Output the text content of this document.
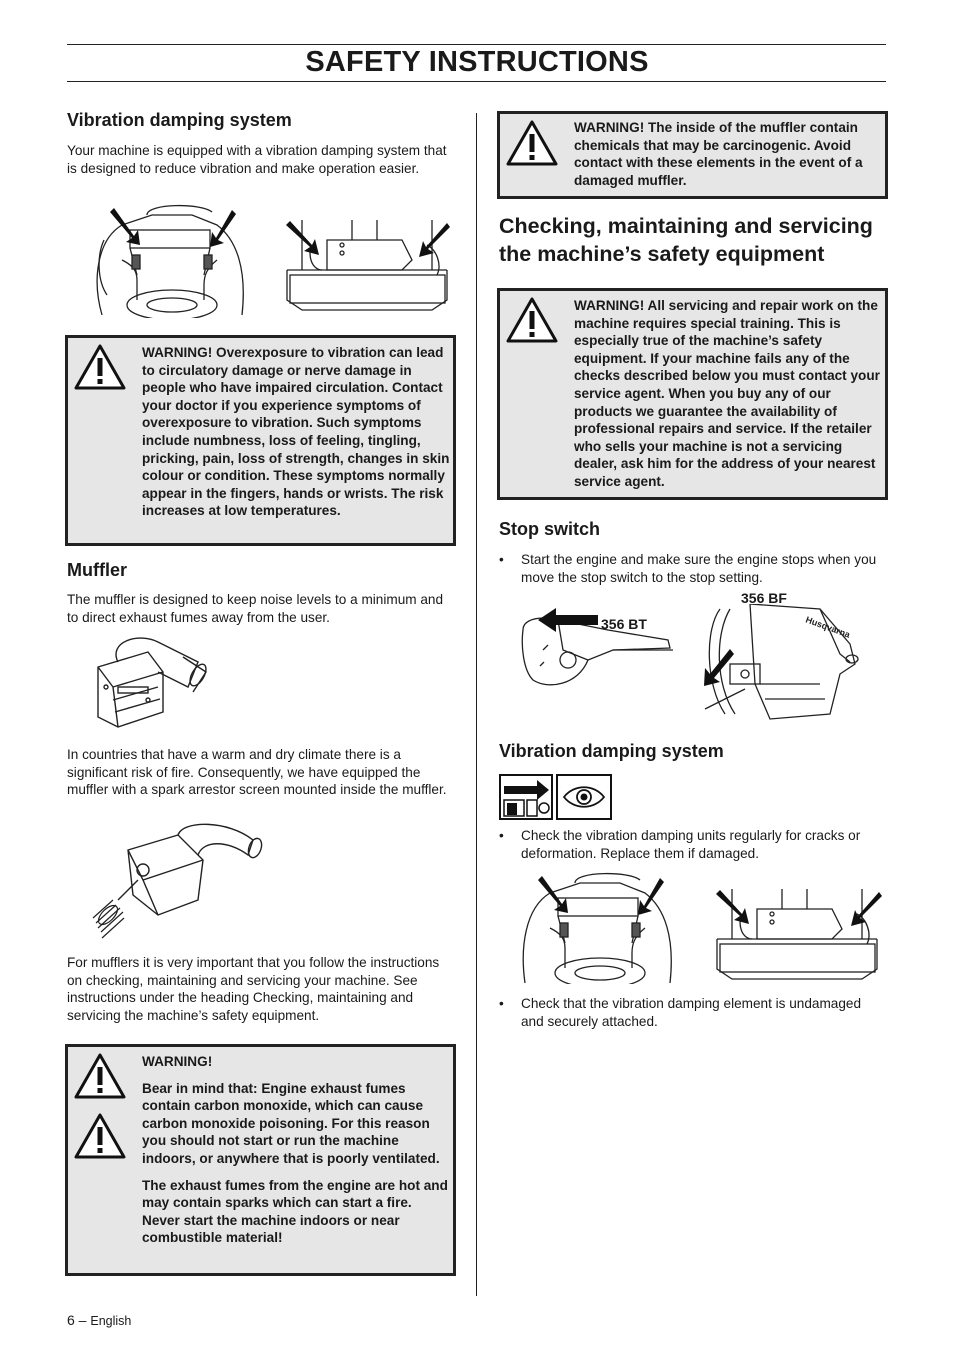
SAFETY INSTRUCTIONS
Vibration damping system

Your machine is equipped with a vibration damping system that is designed to reduce vibration and make operation easier.

WARNING! Overexposure to vibration can lead to circulatory damage or nerve damage in people who have impaired circulation. Contact your doctor if you experience symptoms of overexposure to vibration. Such symptoms include numbness, loss of feeling, tingling, pricking, pain, loss of strength, changes in skin colour or condition. These symptoms normally appear in the fingers, hands or wrists. The risk increases at low temperatures.
Muffler

The muffler is designed to keep noise levels to a minimum and to direct exhaust fumes away from the user.

In countries that have a warm and dry climate there is a significant risk of fire. Consequently, we have equipped the muffler with a spark arrestor screen mounted inside the muffler.

For mufflers it is very important that you follow the instructions on checking, maintaining and servicing your machine. See instructions under the heading Checking, maintaining and servicing the machine’s safety equipment.

WARNING!

Bear in mind that: Engine exhaust fumes contain carbon monoxide, which can cause carbon monoxide poisoning. For this reason you should not start or run the machine indoors, or anywhere that is poorly ventilated.

The exhaust fumes from the engine are hot and may contain sparks which can start a fire. Never start the machine indoors or near combustible material!

WARNING! The inside of the muffler contain chemicals that may be carcinogenic. Avoid contact with these elements in the event of a damaged muffler.
Checking, maintaining and servicing the machine’s safety equipment
WARNING! All servicing and repair work on the machine requires special training. This is especially true of the machine’s safety equipment. If your machine fails any of the checks described below you must contact your service agent. When you buy any of our products we guarantee the availability of professional repairs and service. If the retailer who sells your machine is not a servicing dealer, ask him for the address of your nearest service agent.
Stop switch
• Start the engine and make sure the engine stops when you move the stop switch to the stop setting.
356 BT	Husqvarna
356 BF
Vibration damping system
• Check the vibration damping units regularly for cracks or deformation. Replace them if damaged.
• Check that the vibration damping element is undamaged and securely attached.
6 – English
